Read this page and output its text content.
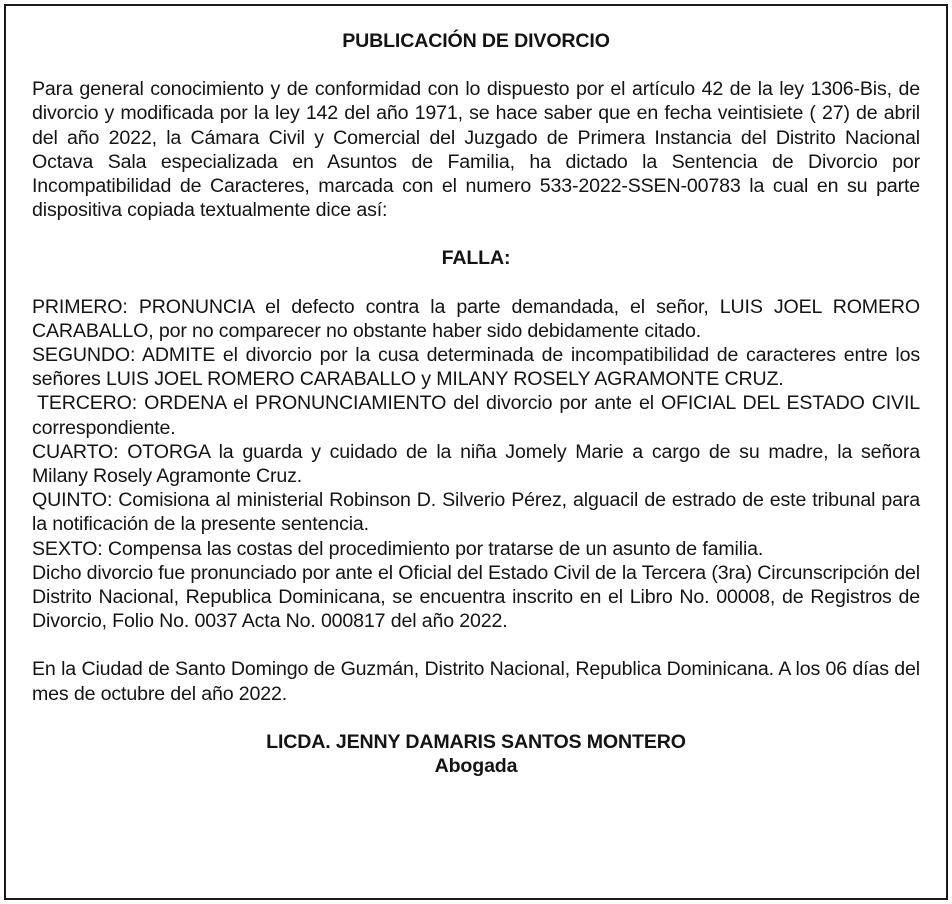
PUBLICACIÓN DE DIVORCIO

Para general conocimiento y de conformidad con lo dispuesto por el artículo 42 de la ley 1306-Bis, de divorcio y modificada por la ley 142 del año 1971, se hace saber que en fecha veintisiete ( 27) de abril del año 2022, la Cámara Civil y Comercial del Juzgado de Primera Instancia del Distrito Nacional Octava Sala especializada en Asuntos de Familia, ha dictado la Sentencia de Divorcio por Incompatibilidad de Caracteres, marcada con el numero 533-2022-SSEN-00783 la cual en su parte dispositiva copiada textualmente dice así:

FALLA:

PRIMERO: PRONUNCIA el defecto contra la parte demandada, el señor, LUIS JOEL ROMERO CARABALLO, por no comparecer no obstante haber sido debidamente citado.

SEGUNDO: ADMITE el divorcio por la cusa determinada de incompatibilidad de caracteres entre los señores LUIS JOEL ROMERO CARABALLO y MILANY ROSELY AGRAMONTE CRUZ.

TERCERO: ORDENA el PRONUNCIAMIENTO del divorcio por ante el OFICIAL DEL ESTADO CIVIL correspondiente.

CUARTO: OTORGA la guarda y cuidado de la niña Jomely Marie a cargo de su madre, la señora Milany Rosely Agramonte Cruz.

QUINTO: Comisiona al ministerial Robinson D. Silverio Pérez, alguacil de estrado de este tribunal para la notificación de la presente sentencia.

SEXTO: Compensa las costas del procedimiento por tratarse de un asunto de familia.

Dicho divorcio fue pronunciado por ante el Oficial del Estado Civil de la Tercera (3ra) Circunscripción del Distrito Nacional, Republica Dominicana, se encuentra inscrito en el Libro No. 00008, de Registros de Divorcio, Folio No. 0037 Acta No. 000817 del año 2022.

En la Ciudad de Santo Domingo de Guzmán, Distrito Nacional, Republica Dominicana. A los 06 días del mes de octubre del año 2022.

LICDA. JENNY DAMARIS SANTOS MONTERO
Abogada
